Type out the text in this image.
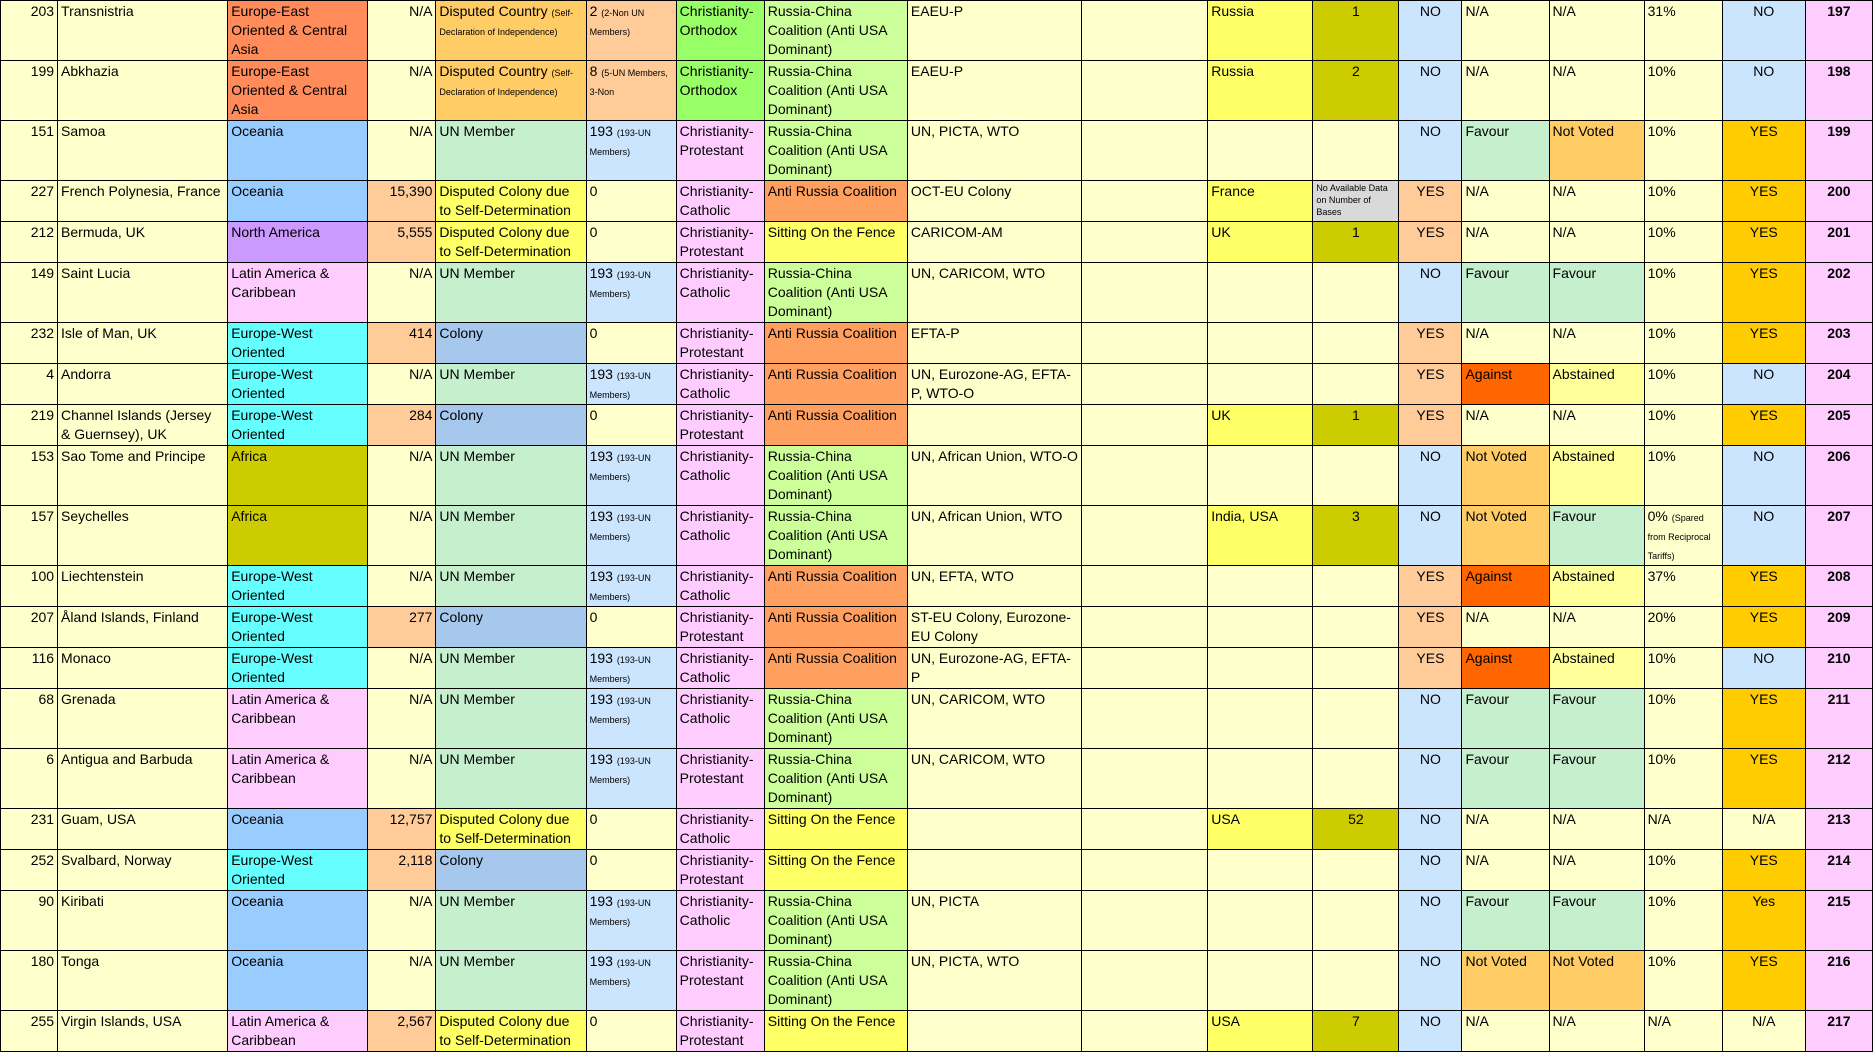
203	Transnistria	Europe-East Oriented & Central Asia	N/A	Disputed Country (Self-Declaration of Independence)	2 (2-Non UN Members)	Christianity-Orthodox	Russia-China Coalition (Anti USA Dominant)	EAEU-P		Russia	1	NO	N/A	N/A	31%	NO	197
199	Abkhazia	Europe-East Oriented & Central Asia	N/A	Disputed Country (Self-Declaration of Independence)	8 (5-UN Members, 3-Non	Christianity-Orthodox	Russia-China Coalition (Anti USA Dominant)	EAEU-P		Russia	2	NO	N/A	N/A	10%	NO	198
151	Samoa	Oceania	N/A	UN Member	193 (193-UN Members)	Christianity-Protestant	Russia-China Coalition (Anti USA Dominant)	UN, PICTA, WTO				NO	Favour	Not Voted	10%	YES	199
227	French Polynesia, France	Oceania	15,390	Disputed Colony due to Self-Determination	0	Christianity-Catholic	Anti Russia Coalition	OCT-EU Colony		France	No Available Data on Number of Bases	YES	N/A	N/A	10%	YES	200
212	Bermuda, UK	North America	5,555	Disputed Colony due to Self-Determination	0	Christianity-Protestant	Sitting On the Fence	CARICOM-AM		UK	1	YES	N/A	N/A	10%	YES	201
149	Saint Lucia	Latin America & Caribbean	N/A	UN Member	193 (193-UN Members)	Christianity-Catholic	Russia-China Coalition (Anti USA Dominant)	UN, CARICOM, WTO				NO	Favour	Favour	10%	YES	202
232	Isle of Man, UK	Europe-West Oriented	414	Colony	0	Christianity-Protestant	Anti Russia Coalition	EFTA-P				YES	N/A	N/A	10%	YES	203
4	Andorra	Europe-West Oriented	N/A	UN Member	193 (193-UN Members)	Christianity-Catholic	Anti Russia Coalition	UN, Eurozone-AG, EFTA-P, WTO-O				YES	Against	Abstained	10%	NO	204
219	Channel Islands (Jersey & Guernsey), UK	Europe-West Oriented	284	Colony	0	Christianity-Protestant	Anti Russia Coalition			UK	1	YES	N/A	N/A	10%	YES	205
153	Sao Tome and Principe	Africa	N/A	UN Member	193 (193-UN Members)	Christianity-Catholic	Russia-China Coalition (Anti USA Dominant)	UN, African Union, WTO-O				NO	Not Voted	Abstained	10%	NO	206
157	Seychelles	Africa	N/A	UN Member	193 (193-UN Members)	Christianity-Catholic	Russia-China Coalition (Anti USA Dominant)	UN, African Union, WTO		India, USA	3	NO	Not Voted	Favour	0% (Spared from Reciprocal Tariffs)	NO	207
100	Liechtenstein	Europe-West Oriented	N/A	UN Member	193 (193-UN Members)	Christianity-Catholic	Anti Russia Coalition	UN, EFTA, WTO				YES	Against	Abstained	37%	YES	208
207	Åland Islands, Finland	Europe-West Oriented	277	Colony	0	Christianity-Protestant	Anti Russia Coalition	ST-EU Colony, Eurozone-EU Colony				YES	N/A	N/A	20%	YES	209
116	Monaco	Europe-West Oriented	N/A	UN Member	193 (193-UN Members)	Christianity-Catholic	Anti Russia Coalition	UN, Eurozone-AG, EFTA-P				YES	Against	Abstained	10%	NO	210
68	Grenada	Latin America & Caribbean	N/A	UN Member	193 (193-UN Members)	Christianity-Catholic	Russia-China Coalition (Anti USA Dominant)	UN, CARICOM, WTO				NO	Favour	Favour	10%	YES	211
6	Antigua and Barbuda	Latin America & Caribbean	N/A	UN Member	193 (193-UN Members)	Christianity-Protestant	Russia-China Coalition (Anti USA Dominant)	UN, CARICOM, WTO				NO	Favour	Favour	10%	YES	212
231	Guam, USA	Oceania	12,757	Disputed Colony due to Self-Determination	0	Christianity-Catholic	Sitting On the Fence			USA	52	NO	N/A	N/A	N/A	N/A	213
252	Svalbard, Norway	Europe-West Oriented	2,118	Colony	0	Christianity-Protestant	Sitting On the Fence					NO	N/A	N/A	10%	YES	214
90	Kiribati	Oceania	N/A	UN Member	193 (193-UN Members)	Christianity-Catholic	Russia-China Coalition (Anti USA Dominant)	UN, PICTA				NO	Favour	Favour	10%	Yes	215
180	Tonga	Oceania	N/A	UN Member	193 (193-UN Members)	Christianity-Protestant	Russia-China Coalition (Anti USA Dominant)	UN, PICTA, WTO				NO	Not Voted	Not Voted	10%	YES	216
255	Virgin Islands, USA	Latin America & Caribbean	2,567	Disputed Colony due to Self-Determination	0	Christianity-Protestant	Sitting On the Fence			USA	7	NO	N/A	N/A	N/A	N/A	217
